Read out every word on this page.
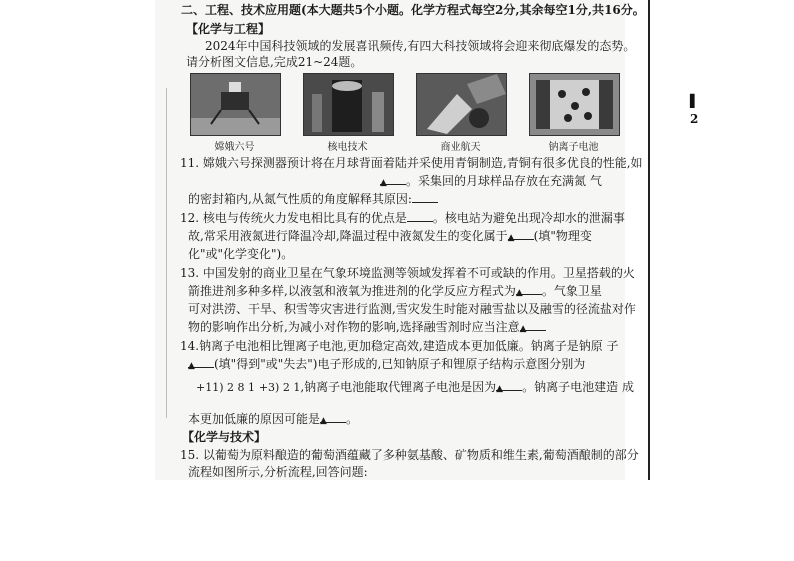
▌
2
二、工程、技术应用题(本大题共5个小题。化学方程式每空2分,其余每空1分,共16分。
【化学与工程】
2024年中国科技领域的发展喜讯频传,有四大科技领域将会迎来彻底爆发的态势。
请分析图文信息,完成21~24题。
嫦娥六号	核电技术	商业航天	钠离子电池
11. 嫦娥六号探测器预计将在月球背面着陆并采使用青铜制造,青铜有很多优良的性能,如
▲ 。采集回的月球样品存放在充满氮 气
的密封箱内,从氮气性质的角度解释其原因:
12. 核电与传统火力发电相比具有的优点是 。核电站为避免出现冷却水的泄漏事
故,常采用液氮进行降温冷却,降温过程中液氮发生的变化属于▲ (填"物理变
化"或"化学变化")。
13. 中国发射的商业卫星在气象环境监测等领域发挥着不可或缺的作用。卫星搭载的火
箭推进剂多种多样,以液氢和液氧为推进剂的化学反应方程式为▲ 。气象卫星
可对洪涝、干旱、积雪等灾害进行监测,雪灾发生时能对融雪盐以及融雪的径流盐对作
物的影响作出分析,为减小对作物的影响,选择融雪剂时应当注意▲
14.钠离子电池相比锂离子电池,更加稳定高效,建造成本更加低廉。钠离子是钠原 子
▲ (填"得到"或"失去")电子形成的,已知钠原子和锂原子结构示意图分别为
+11) 2 8 1 +3) 2 1,钠离子电池能取代锂离子电池是因为▲ 。钠离子电池建造 成
本更加低廉的原因可能是▲ 。
【化学与技术】
15. 以葡萄为原料酿造的葡萄酒蕴藏了多种氨基酸、矿物质和维生素,葡萄酒酿制的部分
流程如图所示,分析流程,回答问题:
